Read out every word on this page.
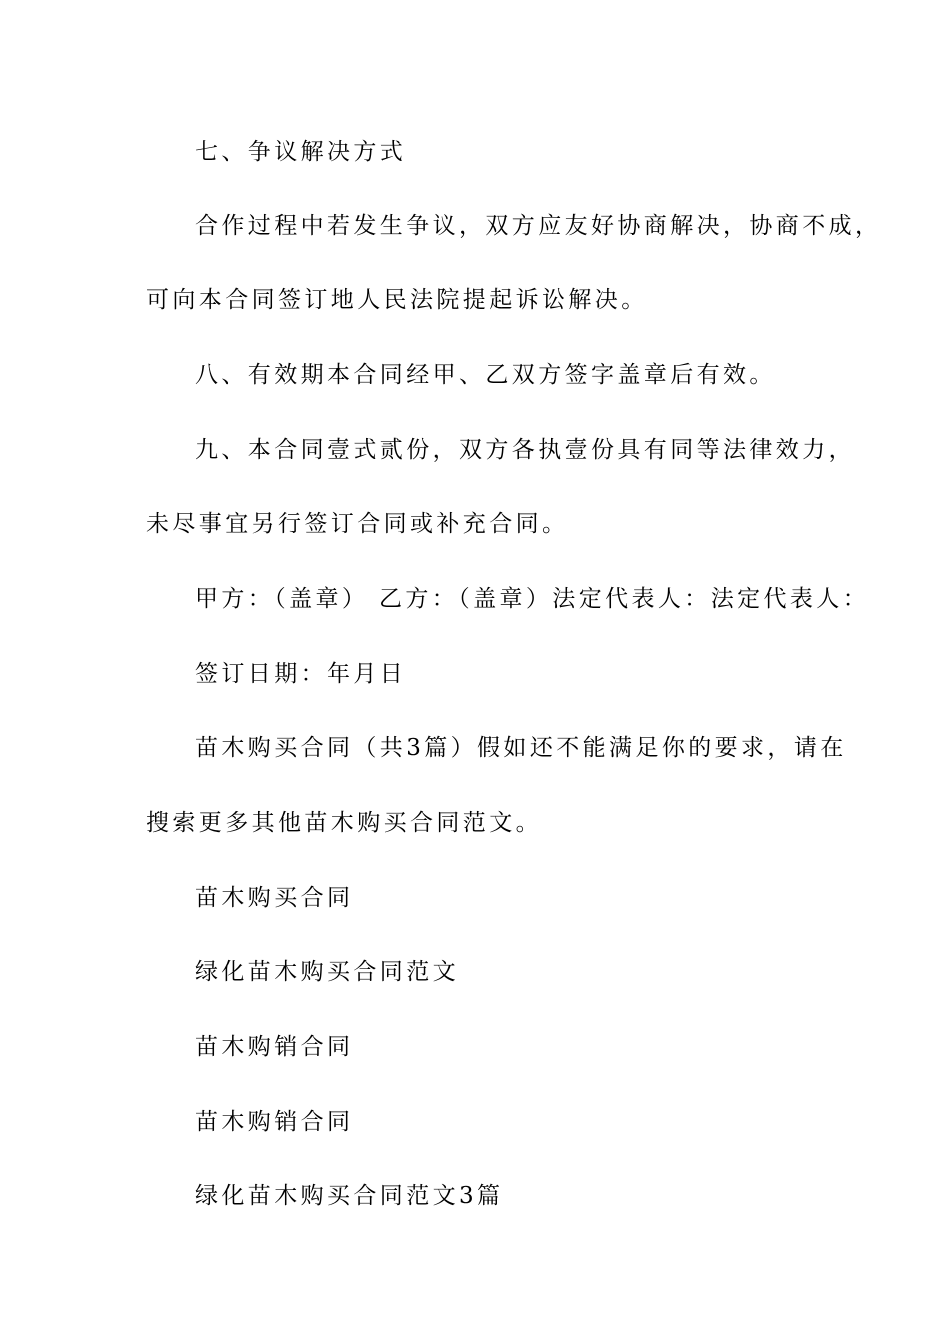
七、争议解决方式

合作过程中若发生争议，双方应友好协商解决，协商不成，

可向本合同签订地人民法院提起诉讼解决。

八、有效期本合同经甲、乙双方签字盖章后有效。

九、本合同壹式贰份，双方各执壹份具有同等法律效力，

未尽事宜另行签订合同或补充合同。

甲方：（盖章） 乙方：（盖章）法定代表人：法定代表人：

签订日期：年月日

苗木购买合同（共3篇）假如还不能满足你的要求，请在

搜索更多其他苗木购买合同范文。

苗木购买合同

绿化苗木购买合同范文

苗木购销合同

苗木购销合同

绿化苗木购买合同范文3篇
